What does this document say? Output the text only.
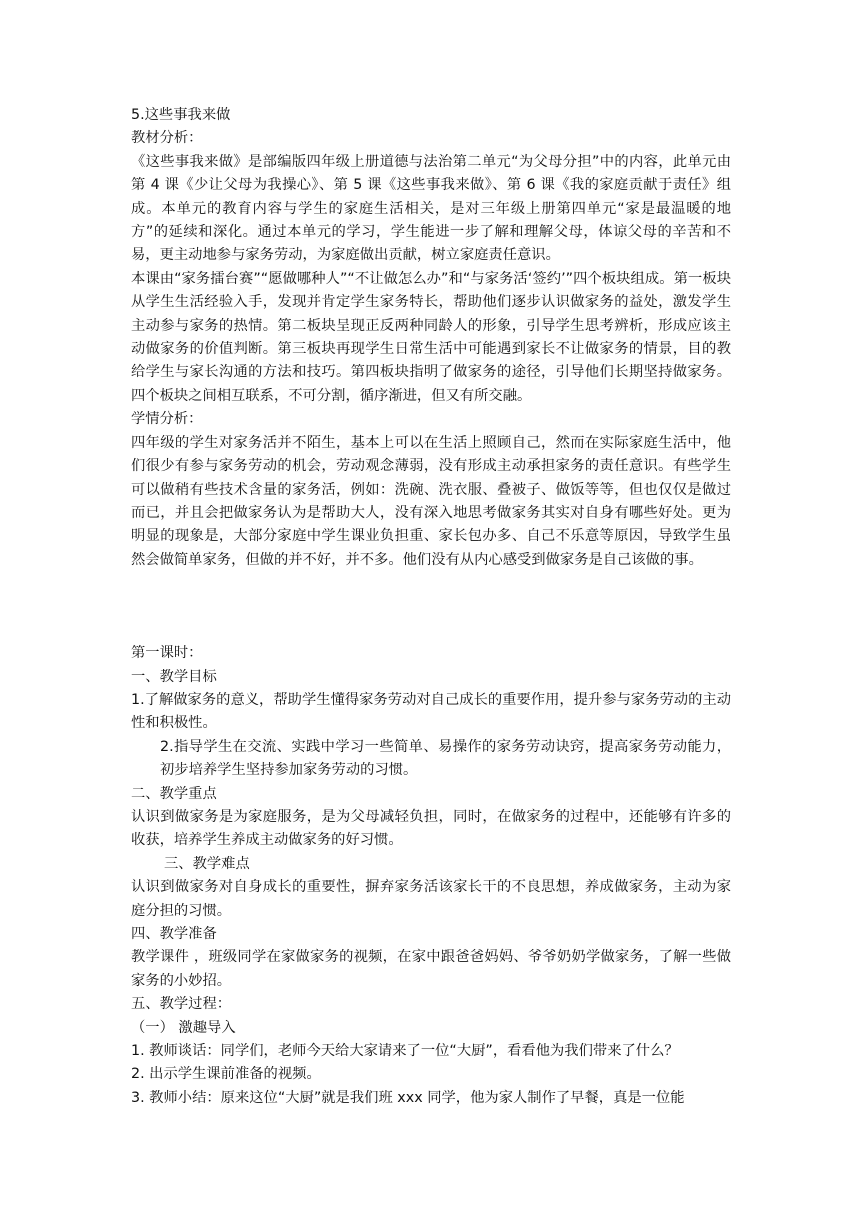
5.这些事我来做

教材分析：

《这些事我来做》是部编版四年级上册道德与法治第二单元“为父母分担”中的内容，此单元由第 4 课《少让父母为我操心》、第 5 课《这些事我来做》、第 6 课《我的家庭贡献于责任》组成。本单元的教育内容与学生的家庭生活相关，是对三年级上册第四单元“家是最温暖的地方”的延续和深化。通过本单元的学习，学生能进一步了解和理解父母，体谅父母的辛苦和不易，更主动地参与家务劳动，为家庭做出贡献，树立家庭责任意识。

本课由“家务擂台赛”“愿做哪种人”“不让做怎么办”和“与家务活‘签约’”四个板块组成。第一板块从学生生活经验入手，发现并肯定学生家务特长，帮助他们逐步认识做家务的益处，激发学生主动参与家务的热情。第二板块呈现正反两种同龄人的形象，引导学生思考辨析，形成应该主动做家务的价值判断。第三板块再现学生日常生活中可能遇到家长不让做家务的情景，目的教给学生与家长沟通的方法和技巧。第四板块指明了做家务的途径，引导他们长期坚持做家务。四个板块之间相互联系，不可分割，循序渐进，但又有所交融。

学情分析：

四年级的学生对家务活并不陌生，基本上可以在生活上照顾自己，然而在实际家庭生活中，他们很少有参与家务劳动的机会，劳动观念薄弱，没有形成主动承担家务的责任意识。有些学生可以做稍有些技术含量的家务活，例如：洗碗、洗衣服、叠被子、做饭等等，但也仅仅是做过而已，并且会把做家务认为是帮助大人，没有深入地思考做家务其实对自身有哪些好处。更为明显的现象是，大部分家庭中学生课业负担重、家长包办多、自己不乐意等原因，导致学生虽然会做简单家务，但做的并不好，并不多。他们没有从内心感受到做家务是自己该做的事。

第一课时：

一、教学目标

1.了解做家务的意义，帮助学生懂得家务劳动对自己成长的重要作用，提升参与家务劳动的主动性和积极性。

2.指导学生在交流、实践中学习一些简单、易操作的家务劳动诀窍，提高家务劳动能力，初步培养学生坚持参加家务劳动的习惯。

二、教学重点

认识到做家务是为家庭服务，是为父母减轻负担，同时，在做家务的过程中，还能够有许多的收获，培养学生养成主动做家务的好习惯。

三、教学难点

认识到做家务对自身成长的重要性，摒弃家务活该家长干的不良思想，养成做家务，主动为家庭分担的习惯。

四、教学准备

教学课件 ，班级同学在家做家务的视频，在家中跟爸爸妈妈、爷爷奶奶学做家务，了解一些做家务的小妙招。

五、教学过程：

（一） 激趣导入

1. 教师谈话：同学们，老师今天给大家请来了一位“大厨”，看看他为我们带来了什么？

2. 出示学生课前准备的视频。

3. 教师小结：原来这位“大厨”就是我们班 xxx 同学，他为家人制作了早餐，真是一位能
